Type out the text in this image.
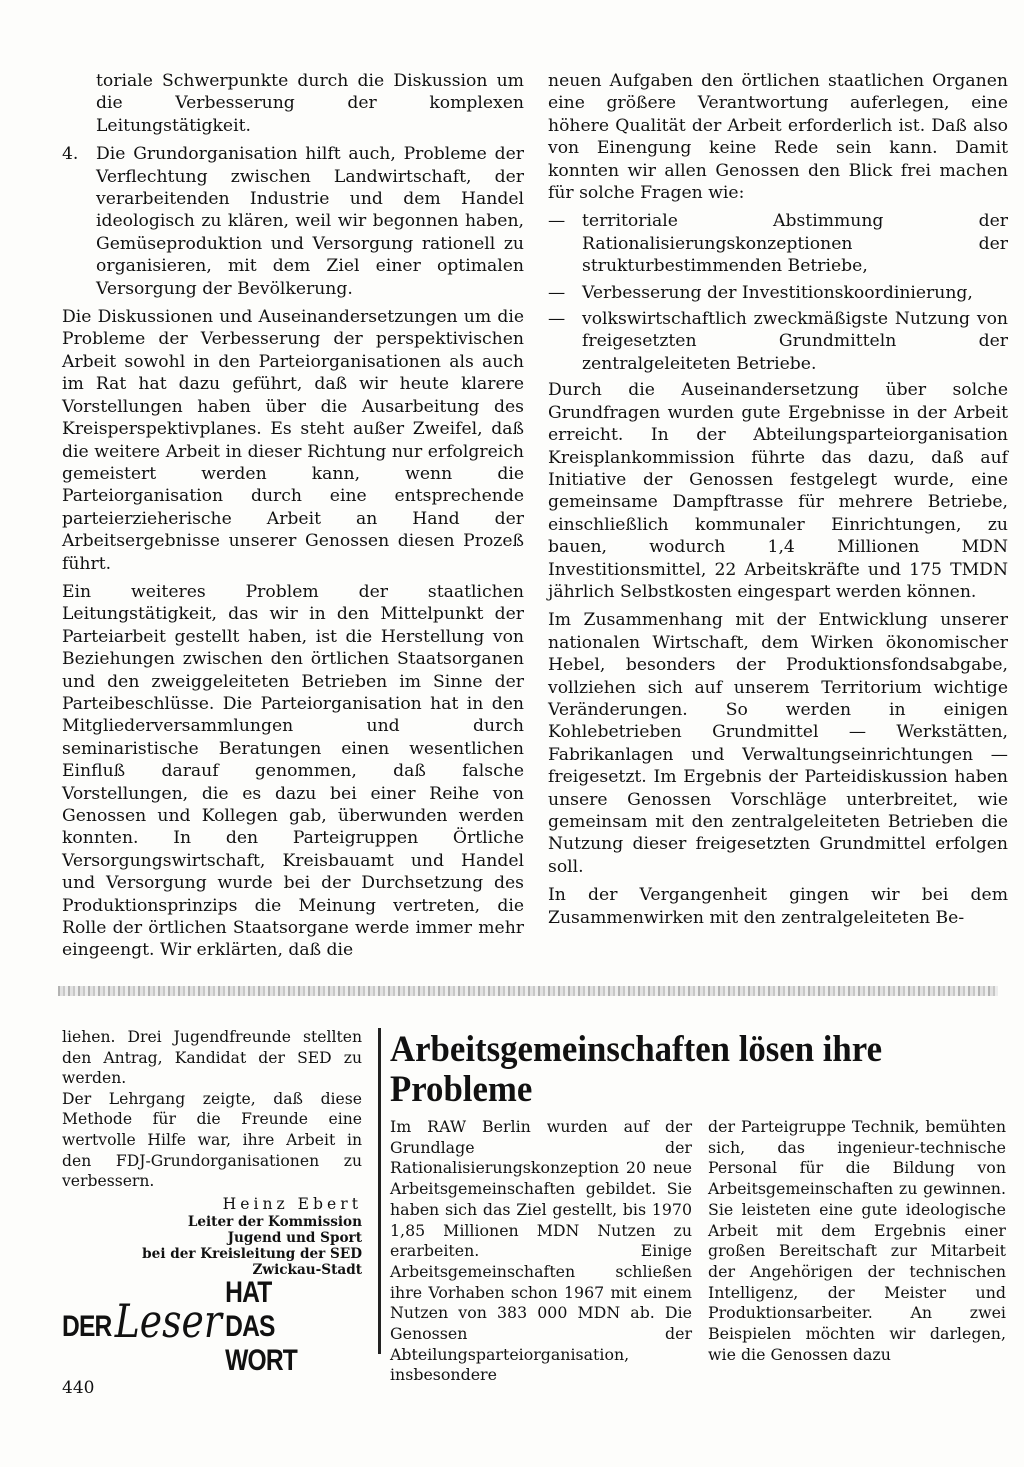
toriale Schwerpunkte durch die Diskussion um die Verbesserung der komplexen Leitungstätigkeit.

4.	Die Grundorganisation hilft auch, Probleme der Verflechtung zwischen Landwirtschaft, der verarbeitenden Industrie und dem Handel ideologisch zu klären, weil wir begonnen haben, Gemüseproduktion und Versorgung rationell zu organisieren, mit dem Ziel einer optimalen Versorgung der Bevölkerung.

Die Diskussionen und Auseinandersetzungen um die Probleme der Verbesserung der perspektivischen Arbeit sowohl in den Parteiorganisationen als auch im Rat hat dazu geführt, daß wir heute klarere Vorstellungen haben über die Ausarbeitung des Kreisperspektivplanes. Es steht außer Zweifel, daß die weitere Arbeit in dieser Richtung nur erfolgreich gemeistert werden kann, wenn die Parteiorganisation durch eine entsprechende parteierzieherische Arbeit an Hand der Arbeitsergebnisse unserer Genossen diesen Prozeß führt.

Ein weiteres Problem der staatlichen Leitungstätigkeit, das wir in den Mittelpunkt der Parteiarbeit gestellt haben, ist die Herstellung von Beziehungen zwischen den örtlichen Staatsorganen und den zweiggeleiteten Betrieben im Sinne der Parteibeschlüsse. Die Parteiorganisation hat in den Mitgliederversammlungen und durch seminaristische Beratungen einen wesentlichen Einfluß darauf genommen, daß falsche Vorstellungen, die es dazu bei einer Reihe von Genossen und Kollegen gab, überwunden werden konnten. In den Parteigruppen Örtliche Versorgungswirtschaft, Kreisbauamt und Handel und Versorgung wurde bei der Durchsetzung des Produktionsprinzips die Meinung vertreten, die Rolle der örtlichen Staatsorgane werde immer mehr eingeengt. Wir erklärten, daß die

neuen Aufgaben den örtlichen staatlichen Organen eine größere Verantwortung auferlegen, eine höhere Qualität der Arbeit erforderlich ist. Daß also von Einengung keine Rede sein kann. Damit konnten wir allen Genossen den Blick frei machen für solche Fragen wie:

— territoriale Abstimmung der Rationalisierungskonzeptionen der strukturbestimmenden Betriebe,
— Verbesserung der Investitionskoordinierung,
— volkswirtschaftlich zweckmäßigste Nutzung von freigesetzten Grundmitteln der zentralgeleiteten Betriebe.

Durch die Auseinandersetzung über solche Grundfragen wurden gute Ergebnisse in der Arbeit erreicht. In der Abteilungsparteiorganisation Kreisplankommission führte das dazu, daß auf Initiative der Genossen festgelegt wurde, eine gemeinsame Dampftrasse für mehrere Betriebe, einschließlich kommunaler Einrichtungen, zu bauen, wodurch 1,4 Millionen MDN Investitionsmittel, 22 Arbeitskräfte und 175 TMDN jährlich Selbstkosten eingespart werden können.

Im Zusammenhang mit der Entwicklung unserer nationalen Wirtschaft, dem Wirken ökonomischer Hebel, besonders der Produktionsfondsabgabe, vollziehen sich auf unserem Territorium wichtige Veränderungen. So werden in einigen Kohlebetrieben Grundmittel — Werkstätten, Fabrikanlagen und Verwaltungseinrichtungen — freigesetzt. Im Ergebnis der Parteidiskussion haben unsere Genossen Vorschläge unterbreitet, wie gemeinsam mit den zentralgeleiteten Betrieben die Nutzung dieser freigesetzten Grundmittel erfolgen soll.

In der Vergangenheit gingen wir bei dem Zusammenwirken mit den zentralgeleiteten Be-

liehen. Drei Jugendfreunde stellten den Antrag, Kandidat der SED zu werden.

Der Lehrgang zeigte, daß diese Methode für die Freunde eine wertvolle Hilfe war, ihre Arbeit in den FDJ-Grundorganisationen zu verbessern.

Heinz Ebert
Leiter der Kommission
Jugend und Sport
bei der Kreisleitung der SED
Zwickau-Stadt
DER Leser
HAT DAS WORT
Arbeitsgemeinschaften lösen ihre Probleme

Im RAW Berlin wurden auf der Grundlage der Rationalisierungskonzeption 20 neue Arbeitsgemeinschaften gebildet. Sie haben sich das Ziel gestellt, bis 1970 1,85 Millionen MDN Nutzen zu erarbeiten. Einige Arbeitsgemeinschaften schließen ihre Vorhaben schon 1967 mit einem Nutzen von 383 000 MDN ab. Die Genossen der Abteilungsparteiorganisation, insbesondere

der Parteigruppe Technik, bemühten sich, das ingenieur-technische Personal für die Bildung von Arbeitsgemeinschaften zu gewinnen. Sie leisteten eine gute ideologische Arbeit mit dem Ergebnis einer großen Bereitschaft zur Mitarbeit der Angehörigen der technischen Intelligenz, der Meister und Produktionsarbeiter. An zwei Beispielen möchten wir darlegen, wie die Genossen dazu

440
